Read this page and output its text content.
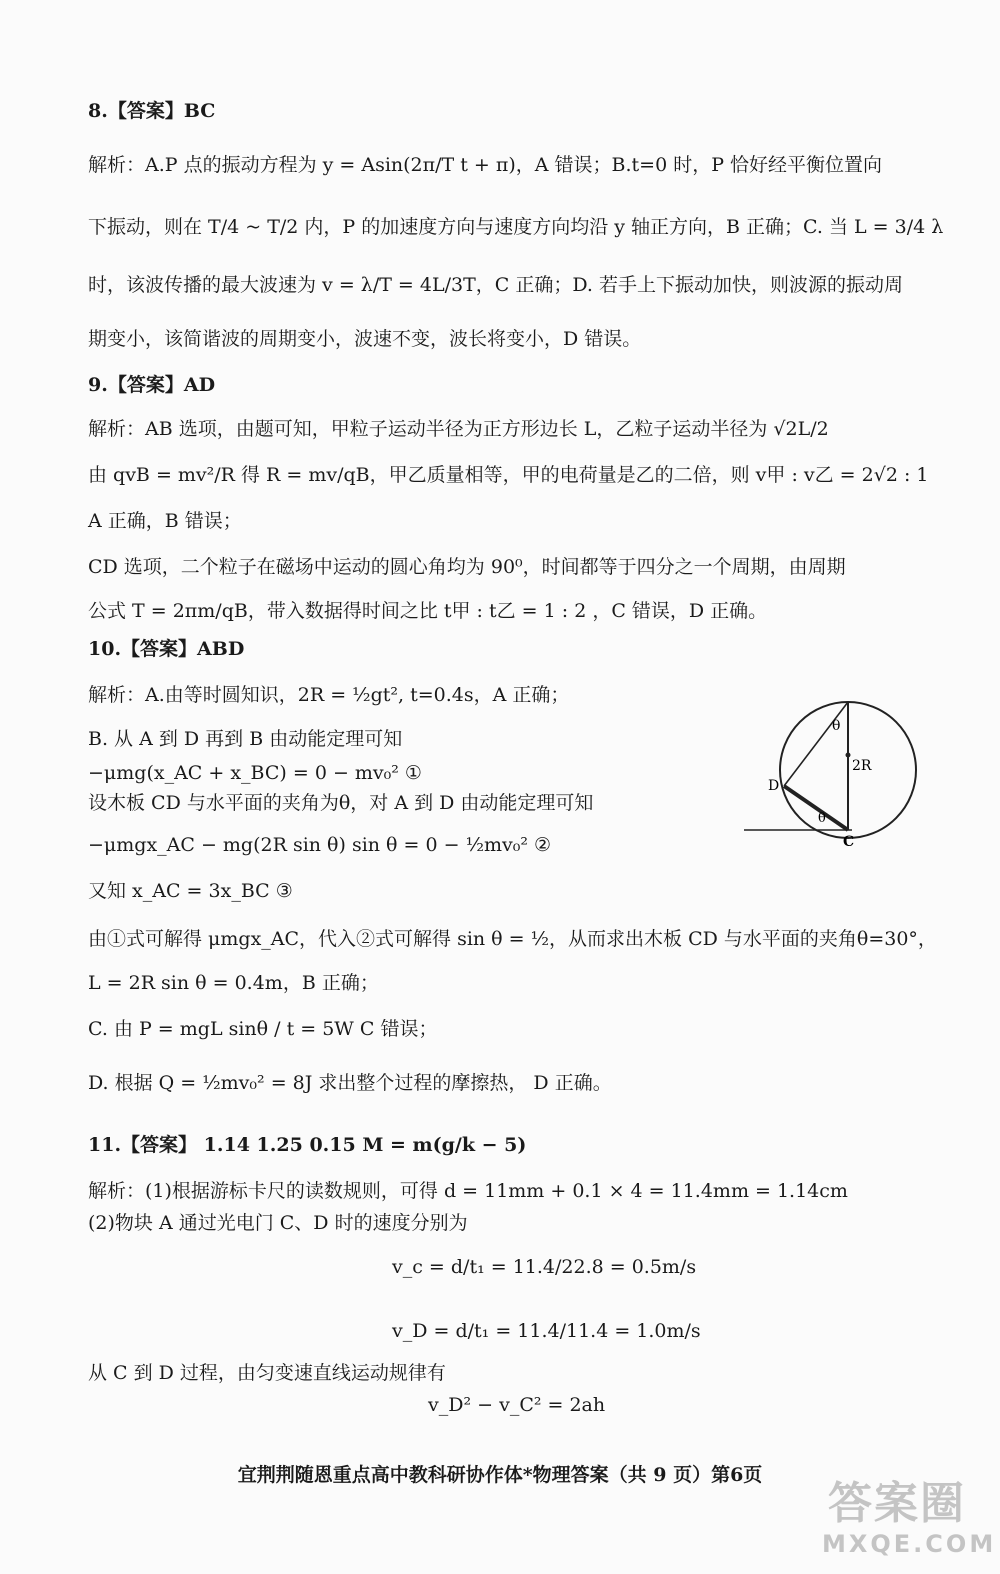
8.【答案】BC
解析：A.P 点的振动方程为 y = Asin(2π/T t + π)，A 错误；B.t=0 时，P 恰好经平衡位置向
下振动，则在 T/4 ~ T/2 内，P 的加速度方向与速度方向均沿 y 轴正方向，B 正确；C. 当 L = 3/4 λ
时，该波传播的最大波速为 v = λ/T = 4L/3T，C 正确；D. 若手上下振动加快，则波源的振动周
期变小，该简谐波的周期变小，波速不变，波长将变小，D 错误。
9.【答案】AD
解析：AB 选项，由题可知，甲粒子运动半径为正方形边长 L，乙粒子运动半径为 √2L/2
由 qvB = mv²/R 得 R = mv/qB，甲乙质量相等，甲的电荷量是乙的二倍，则 v甲 : v乙 = 2√2 : 1
A 正确，B 错误；
CD 选项，二个粒子在磁场中运动的圆心角均为 90⁰，时间都等于四分之一个周期，由周期
公式 T = 2πm/qB，带入数据得时间之比 t甲 : t乙 = 1 : 2 ，C 错误，D 正确。
10.【答案】ABD
解析：A.由等时圆知识，2R = ½gt², t=0.4s，A 正确；
B. 从 A 到 D 再到 B 由动能定理可知
−μmg(x_AC + x_BC) = 0 − mv₀² ①
设木板 CD 与水平面的夹角为θ，对 A 到 D 由动能定理可知
−μmgx_AC − mg(2R sin θ) sin θ = 0 − ½mv₀² ②
又知 x_AC = 3x_BC ③
由①式可解得 μmgx_AC，代入②式可解得 sin θ = ½，从而求出木板 CD 与水平面的夹角θ=30°，
L = 2R sin θ = 0.4m，B 正确；
C. 由 P = mgL sinθ / t = 5W C 错误；
D. 根据 Q = ½mv₀² = 8J 求出整个过程的摩擦热， D 正确。
θ
2R
D
θ
C
11.【答案】 1.14 1.25 0.15 M = m(g/k − 5)
解析：(1)根据游标卡尺的读数规则，可得 d = 11mm + 0.1 × 4 = 11.4mm = 1.14cm
(2)物块 A 通过光电门 C、D 时的速度分别为
v_c = d/t₁ = 11.4/22.8 = 0.5m/s
v_D = d/t₁ = 11.4/11.4 = 1.0m/s
从 C 到 D 过程，由匀变速直线运动规律有
v_D² − v_C² = 2ah
宜荆荆随恩重点高中教科研协作体*物理答案（共 9 页）第6页
答案圈
MXQE.COM
